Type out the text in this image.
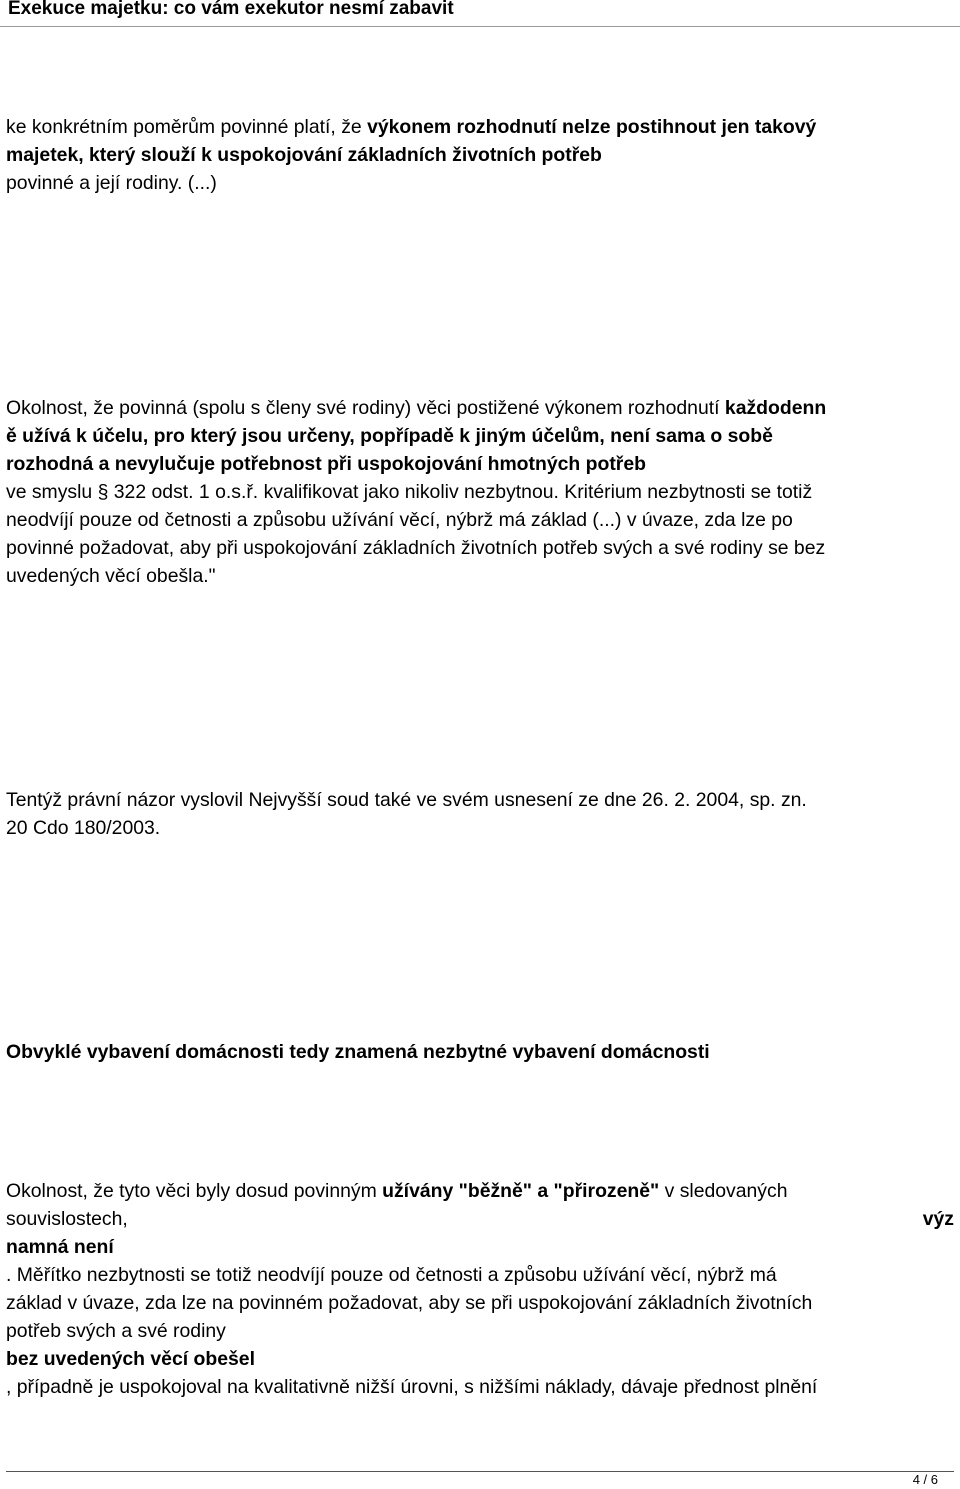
Exekuce majetku: co vám exekutor nesmí zabavit
ke konkrétním poměrům povinné platí, že výkonem rozhodnutí nelze postihnout jen takový
majetek, který slouží k uspokojování základních životních potřeb
povinné a její rodiny. (...)
Okolnost, že povinná (spolu s členy své rodiny) věci postižené výkonem rozhodnutí každodenn
ě užívá k účelu, pro který jsou určeny, popřípadě k jiným účelům, není sama o sobě
rozhodná a nevylučuje potřebnost při uspokojování hmotných potřeb
ve smyslu § 322 odst. 1 o.s.ř. kvalifikovat jako nikoliv nezbytnou. Kritérium nezbytnosti se totiž
neodvíjí pouze od četnosti a způsobu užívání věcí, nýbrž má základ (...) v úvaze, zda lze po
povinné požadovat, aby při uspokojování základních životních potřeb svých a své rodiny se bez
uvedených věcí obešla."
Tentýž právní názor vyslovil Nejvyšší soud také ve svém usnesení ze dne 26. 2. 2004, sp. zn.
20 Cdo 180/2003.
Obvyklé vybavení domácnosti tedy znamená nezbytné vybavení domácnosti
Okolnost, že tyto věci byly dosud povinným užívány "běžně" a "přirozeně" v sledovaných
souvislostech,	výz
namná není
. Měřítko nezbytnosti se totiž neodvíjí pouze od četnosti a způsobu užívání věcí, nýbrž má
základ v úvaze, zda lze na povinném požadovat, aby se při uspokojování základních životních
potřeb svých a své rodiny
bez uvedených věcí obešel
, případně je uspokojoval na kvalitativně nižší úrovni, s nižšími náklady, dávaje přednost plnění
4 / 6
